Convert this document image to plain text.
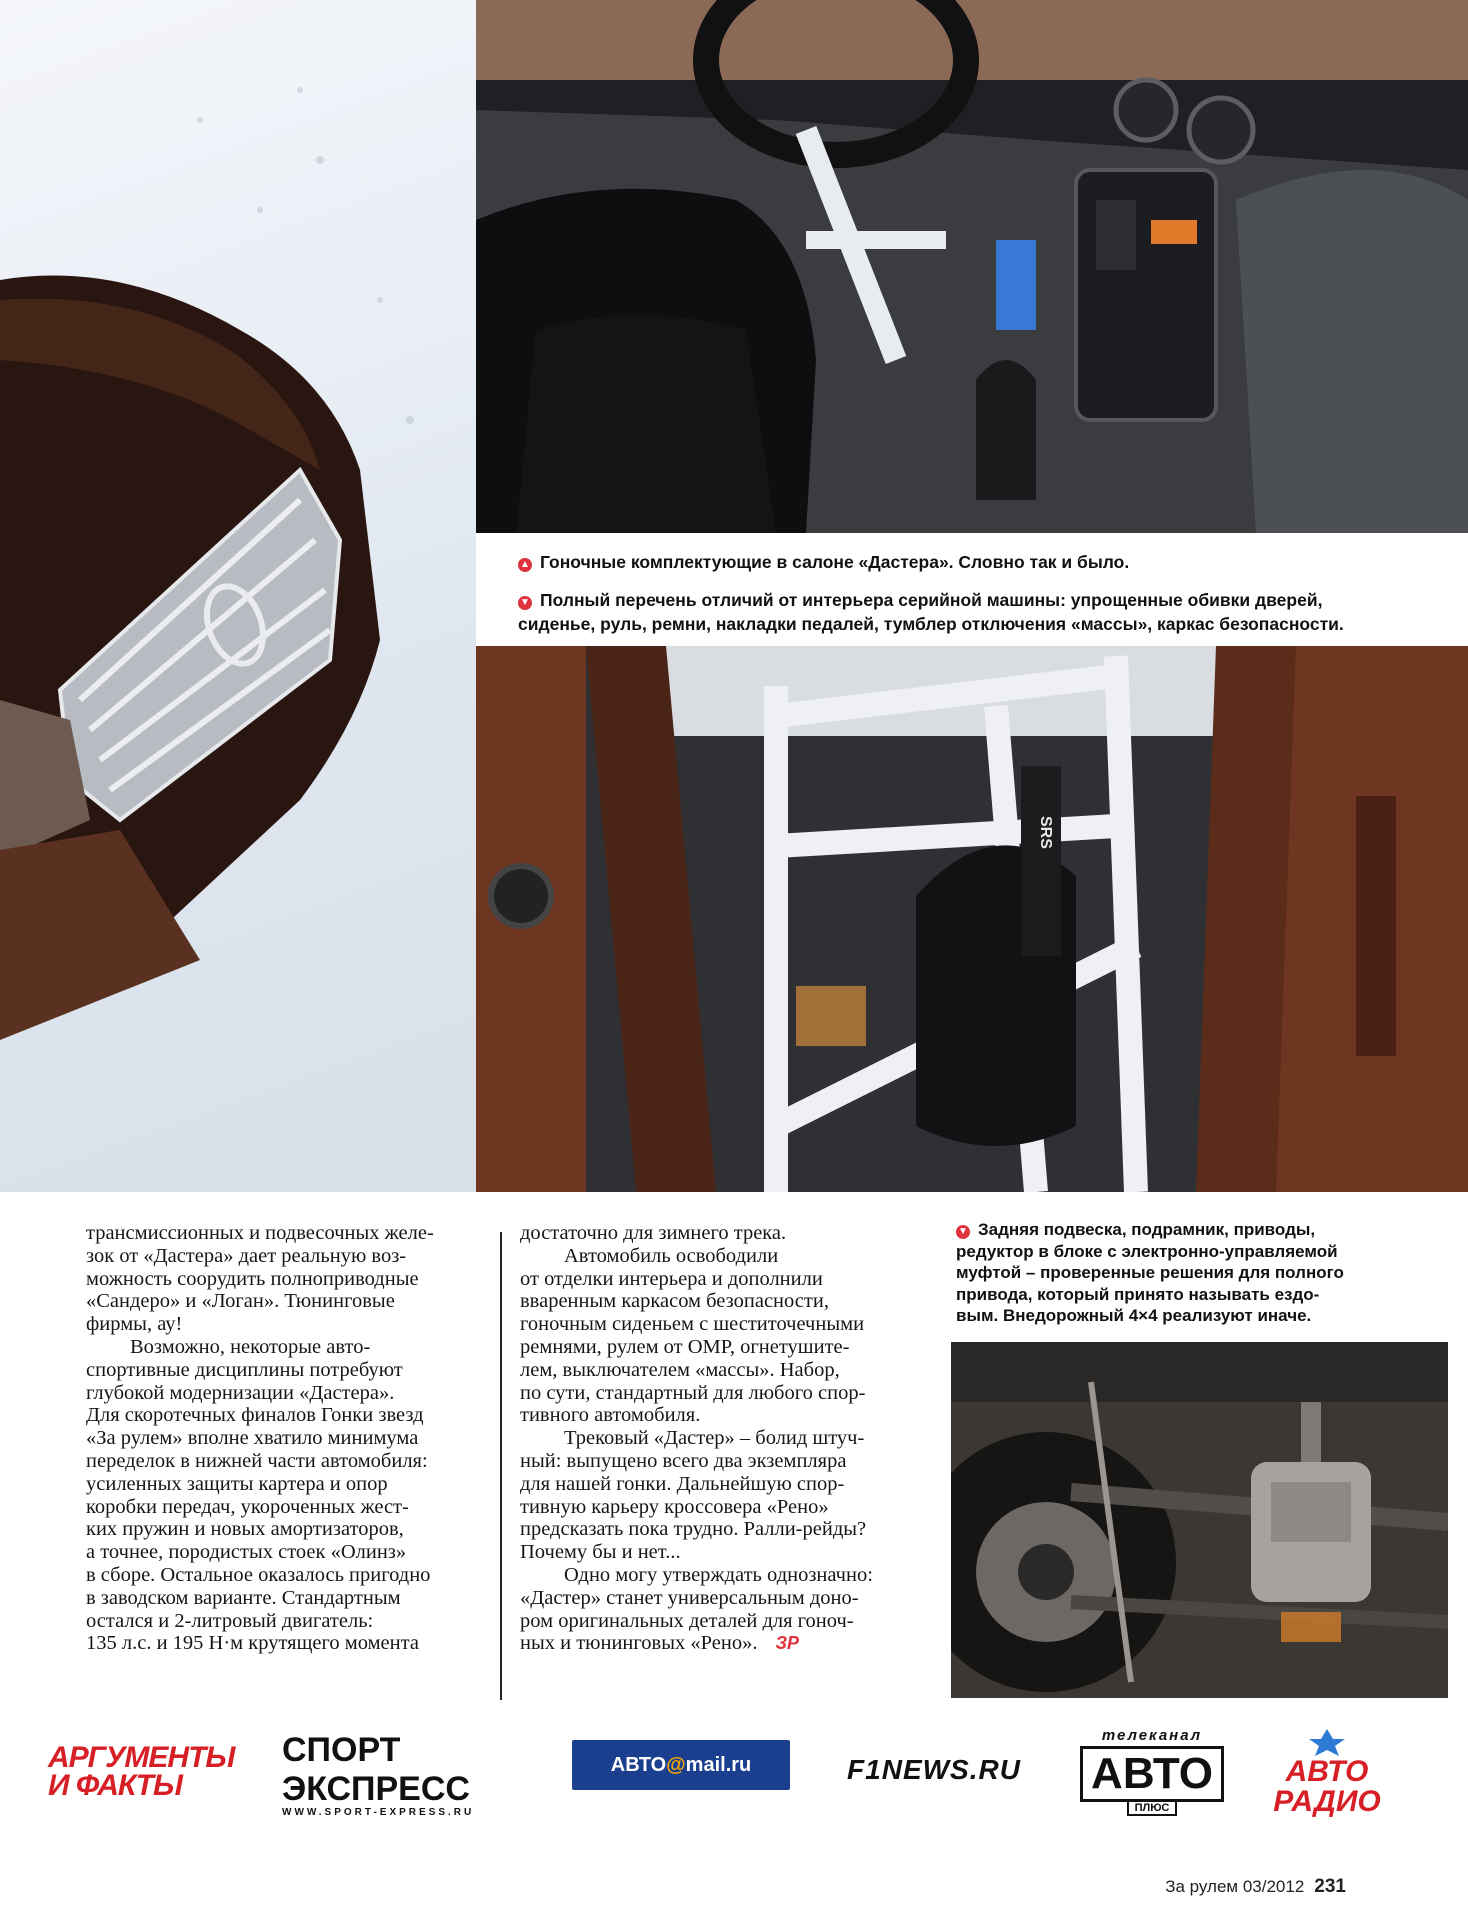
SRS

▲ Гоночные комплектующие в салоне «Дастера». Словно так и было.

▼ Полный перечень отличий от интерьера серийной машины: упрощенные обивки дверей,
сиденье, руль, ремни, накладки педалей, тумблер отключения «массы», каркас безопасности.

▼ Задняя подвеска, подрамник, приводы,
редуктор в блоке с электронно-управляемой
муфтой – проверенные решения для полного
привода, который принято называть ездо-
вым. Внедорожный 4×4 реализуют иначе.

трансмиссионных и подвесочных желе-

зок от «Дастера» дает реальную воз-

можность соорудить полноприводные

«Сандеро» и «Логан». Тюнинговые

фирмы, ау!

Возможно, некоторые авто-

спортивные дисциплины потребуют

глубокой модернизации «Дастера».

Для скоротечных финалов Гонки звезд

«За рулем» вполне хватило минимума

переделок в нижней части автомобиля:

усиленных защиты картера и опор

коробки передач, укороченных жест-

ких пружин и новых амортизаторов,

а точнее, породистых стоек «Олинз»

в сборе. Остальное оказалось пригодно

в заводском варианте. Стандартным

остался и 2-литровый двигатель:

135 л.с. и 195 Н·м крутящего момента

достаточно для зимнего трека.

Автомобиль освободили

от отделки интерьера и дополнили

вваренным каркасом безопасности,

гоночным сиденьем с шеститочечными

ремнями, рулем от OMP, огнетушите-

лем, выключателем «массы». Набор,

по сути, стандартный для любого спор-

тивного автомобиля.

Трековый «Дастер» – болид штуч-

ный: выпущено всего два экземпляра

для нашей гонки. Дальнейшую спор-

тивную карьеру кроссовера «Рено»

предсказать пока трудно. Ралли-рейды?

Почему бы и нет...

Одно могу утверждать однозначно:

«Дастер» станет универсальным доно-

ром оригинальных деталей для гоноч-

ных и тюнинговых «Рено». ЗР

АРГУМЕНТЫ
И ФАКТЫ
СПОРТ ЭКСПРЕСС
WWW.SPORT-EXPRESS.RU
АВТО @ mail.ru	F1NEWS.RU
телеканал
АВТО
ПЛЮС
АВТО
РАДИО
За рулем 03/2012 231
